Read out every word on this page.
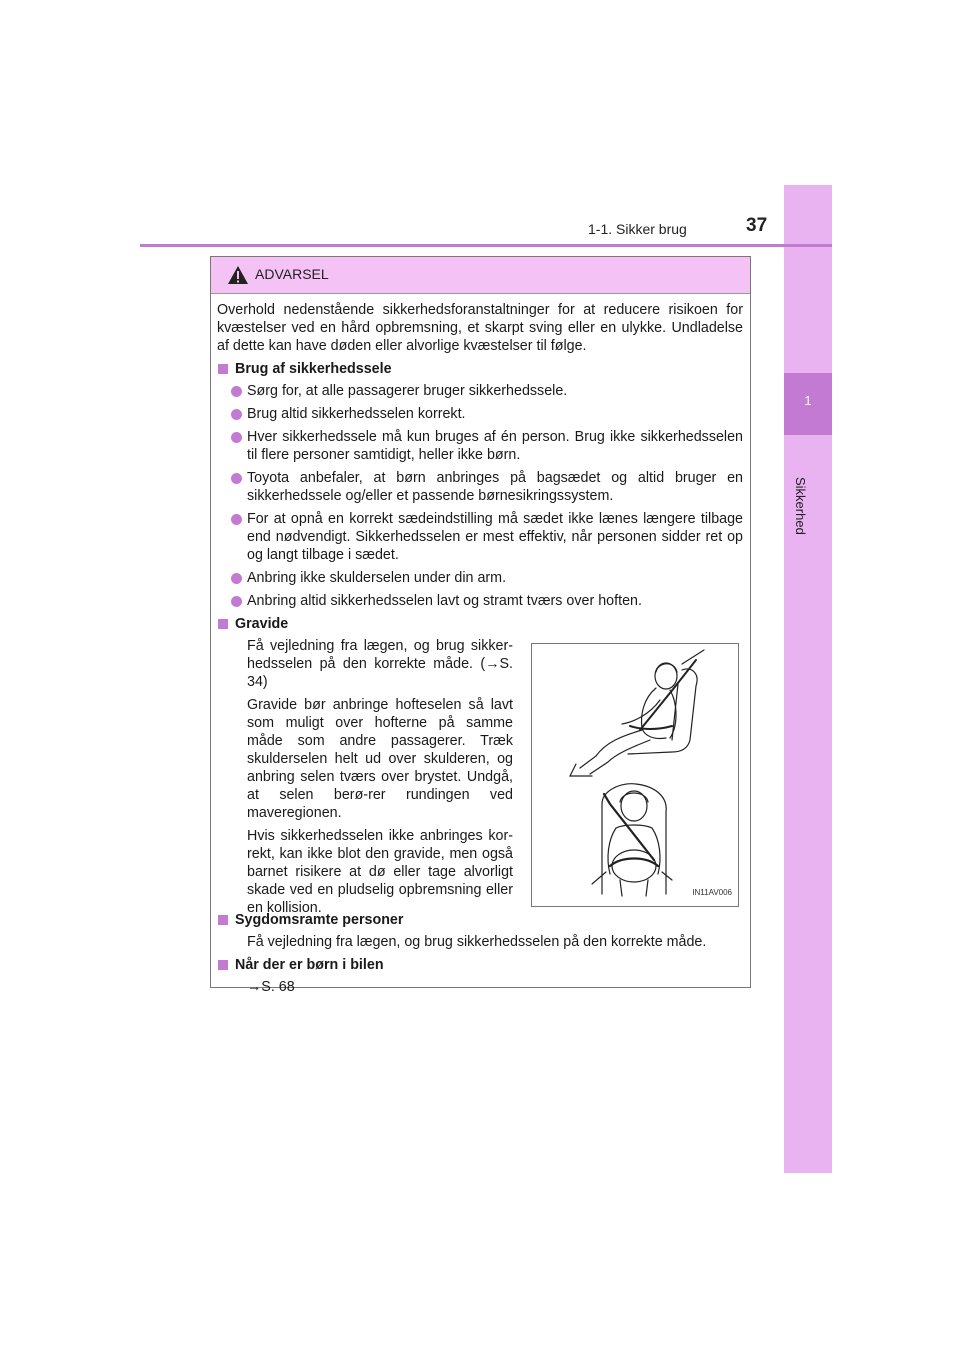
1
Sikkerhed
1-1. Sikker brug	37
ADVARSEL

Overhold nedenstående sikkerhedsforanstaltninger for at reducere risikoen for kvæstelser ved en hård opbremsning, et skarpt sving eller en ulykke. Undladelse af dette kan have døden eller alvorlige kvæstelser til følge.

Brug af sikkerhedssele
Sørg for, at alle passagerer bruger sikkerhedssele.
Brug altid sikkerhedsselen korrekt.
Hver sikkerhedssele må kun bruges af én person. Brug ikke sikkerhedsselen til flere personer samtidigt, heller ikke børn.
Toyota anbefaler, at børn anbringes på bagsædet og altid bruger en sikkerhedssele og/eller et passende børnesikringssystem.
For at opnå en korrekt sædeindstilling må sædet ikke lænes længere tilbage end nødvendigt. Sikkerhedsselen er mest effektiv, når personen sidder ret op og langt tilbage i sædet.
Anbring ikke skulderselen under din arm.
Anbring altid sikkerhedsselen lavt og stramt tværs over hoften.
Gravide

Få vejledning fra lægen, og brug sikker-hedsselen på den korrekte måde. (→S. 34)

Gravide bør anbringe hofteselen så lavt som muligt over hofterne på samme måde som andre passagerer. Træk skulderselen helt ud over skulderen, og anbring selen tværs over brystet. Undgå, at selen berø-rer rundingen ved maveregionen.

Hvis sikkerhedsselen ikke anbringes kor-rekt, kan ikke blot den gravide, men også barnet risikere at dø eller tage alvorligt skade ved en pludselig opbremsning eller en kollision.

IN11AV006
Sygdomsramte personer
Få vejledning fra lægen, og brug sikkerhedsselen på den korrekte måde.
Når der er børn i bilen
→S. 68
